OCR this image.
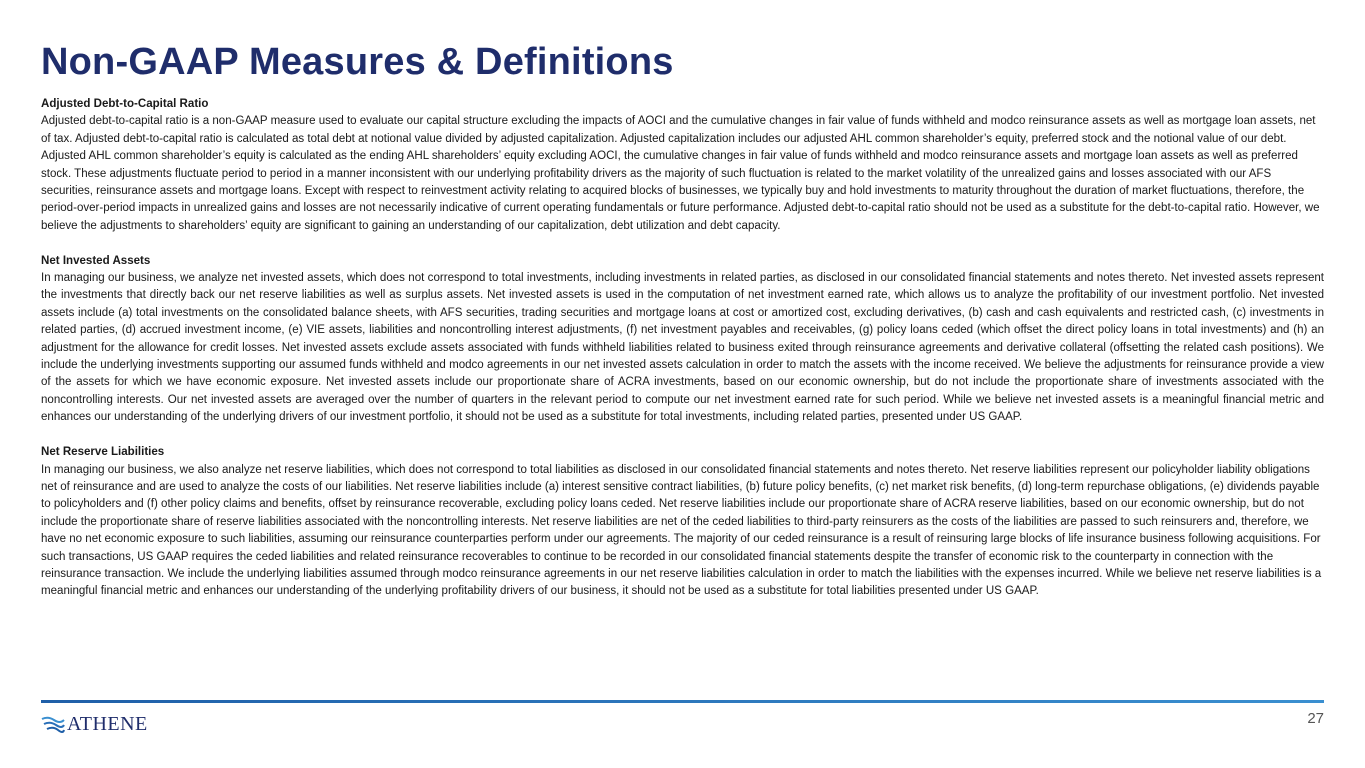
Non-GAAP Measures & Definitions

Adjusted Debt-to-Capital Ratio

Adjusted debt-to-capital ratio is a non-GAAP measure used to evaluate our capital structure excluding the impacts of AOCI and the cumulative changes in fair value of funds withheld and modco reinsurance assets as well as mortgage loan assets, net of tax. Adjusted debt-to-capital ratio is calculated as total debt at notional value divided by adjusted capitalization. Adjusted capitalization includes our adjusted AHL common shareholder’s equity, preferred stock and the notional value of our debt. Adjusted AHL common shareholder’s equity is calculated as the ending AHL shareholders’ equity excluding AOCI, the cumulative changes in fair value of funds withheld and modco reinsurance assets and mortgage loan assets as well as preferred stock. These adjustments fluctuate period to period in a manner inconsistent with our underlying profitability drivers as the majority of such fluctuation is related to the market volatility of the unrealized gains and losses associated with our AFS securities, reinsurance assets and mortgage loans. Except with respect to reinvestment activity relating to acquired blocks of businesses, we typically buy and hold investments to maturity throughout the duration of market fluctuations, therefore, the period-over-period impacts in unrealized gains and losses are not necessarily indicative of current operating fundamentals or future performance. Adjusted debt-to-capital ratio should not be used as a substitute for the debt-to-capital ratio. However, we believe the adjustments to shareholders’ equity are significant to gaining an understanding of our capitalization, debt utilization and debt capacity.

Net Invested Assets

In managing our business, we analyze net invested assets, which does not correspond to total investments, including investments in related parties, as disclosed in our consolidated financial statements and notes thereto. Net invested assets represent the investments that directly back our net reserve liabilities as well as surplus assets. Net invested assets is used in the computation of net investment earned rate, which allows us to analyze the profitability of our investment portfolio. Net invested assets include (a) total investments on the consolidated balance sheets, with AFS securities, trading securities and mortgage loans at cost or amortized cost, excluding derivatives, (b) cash and cash equivalents and restricted cash, (c) investments in related parties, (d) accrued investment income, (e) VIE assets, liabilities and noncontrolling interest adjustments, (f) net investment payables and receivables, (g) policy loans ceded (which offset the direct policy loans in total investments) and (h) an adjustment for the allowance for credit losses. Net invested assets exclude assets associated with funds withheld liabilities related to business exited through reinsurance agreements and derivative collateral (offsetting the related cash positions). We include the underlying investments supporting our assumed funds withheld and modco agreements in our net invested assets calculation in order to match the assets with the income received. We believe the adjustments for reinsurance provide a view of the assets for which we have economic exposure. Net invested assets include our proportionate share of ACRA investments, based on our economic ownership, but do not include the proportionate share of investments associated with the noncontrolling interests. Our net invested assets are averaged over the number of quarters in the relevant period to compute our net investment earned rate for such period. While we believe net invested assets is a meaningful financial metric and enhances our understanding of the underlying drivers of our investment portfolio, it should not be used as a substitute for total investments, including related parties, presented under US GAAP.

Net Reserve Liabilities

In managing our business, we also analyze net reserve liabilities, which does not correspond to total liabilities as disclosed in our consolidated financial statements and notes thereto. Net reserve liabilities represent our policyholder liability obligations net of reinsurance and are used to analyze the costs of our liabilities. Net reserve liabilities include (a) interest sensitive contract liabilities, (b) future policy benefits, (c) net market risk benefits, (d) long-term repurchase obligations, (e) dividends payable to policyholders and (f) other policy claims and benefits, offset by reinsurance recoverable, excluding policy loans ceded. Net reserve liabilities include our proportionate share of ACRA reserve liabilities, based on our economic ownership, but do not include the proportionate share of reserve liabilities associated with the noncontrolling interests. Net reserve liabilities are net of the ceded liabilities to third-party reinsurers as the costs of the liabilities are passed to such reinsurers and, therefore, we have no net economic exposure to such liabilities, assuming our reinsurance counterparties perform under our agreements. The majority of our ceded reinsurance is a result of reinsuring large blocks of life insurance business following acquisitions. For such transactions, US GAAP requires the ceded liabilities and related reinsurance recoverables to continue to be recorded in our consolidated financial statements despite the transfer of economic risk to the counterparty in connection with the reinsurance transaction. We include the underlying liabilities assumed through modco reinsurance agreements in our net reserve liabilities calculation in order to match the liabilities with the expenses incurred. While we believe net reserve liabilities is a meaningful financial metric and enhances our understanding of the underlying profitability drivers of our business, it should not be used as a substitute for total liabilities presented under US GAAP.

ATHENE	27
